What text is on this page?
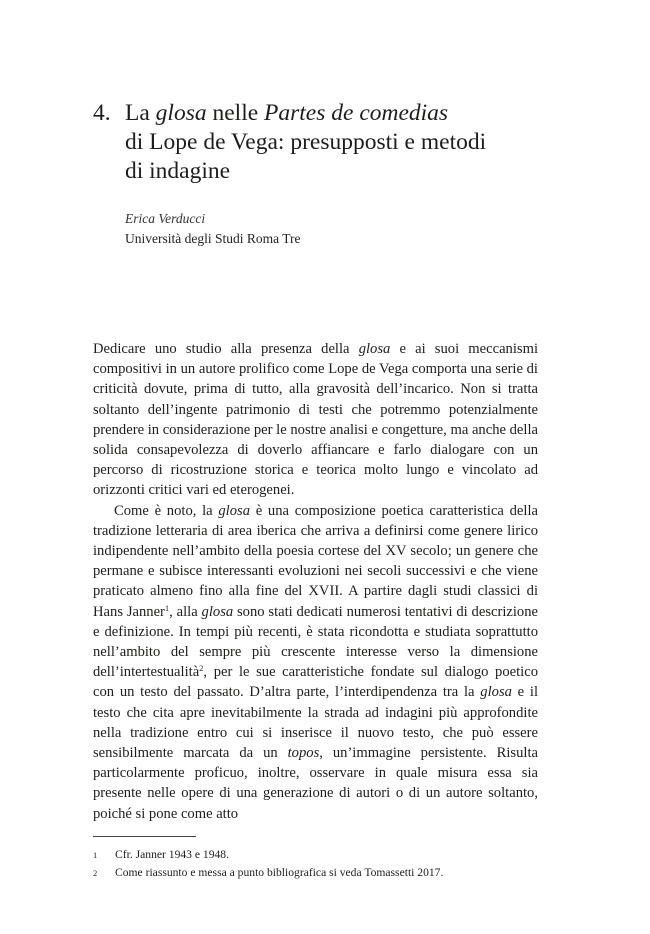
4. La glosa nelle Partes de comedias
di Lope de Vega: presupposti e metodi
di indagine
Erica Verducci
Università degli Studi Roma Tre

Dedicare uno studio alla presenza della glosa e ai suoi meccanismi compositivi in un autore prolifico come Lope de Vega comporta una serie di criticità dovute, prima di tutto, alla gravosità dell’incarico. Non si tratta soltanto dell’ingente patrimonio di testi che potremmo potenzialmente prendere in considerazione per le nostre analisi e congetture, ma anche della solida consapevolezza di doverlo affiancare e farlo dialogare con un percorso di ricostruzione storica e teorica molto lungo e vincolato ad orizzonti critici vari ed eterogenei.

Come è noto, la glosa è una composizione poetica caratteristica della tradizione letteraria di area iberica che arriva a definirsi come genere lirico indipendente nell’ambito della poesia cortese del XV secolo; un genere che permane e subisce interessanti evoluzioni nei secoli successivi e che viene praticato almeno fino alla fine del XVII. A partire dagli studi classici di Hans Janner$^1$, alla glosa sono stati dedicati numerosi tentativi di descrizione e definizione. In tempi più recenti, è stata ricondotta e studiata soprattutto nell’ambito del sempre più crescente interesse verso la dimensione dell’intertestualità$^2$, per le sue caratteristiche fondate sul dialogo poetico con un testo del passato. D’altra parte, l’interdipendenza tra la glosa e il testo che cita apre inevitabilmente la strada ad indagini più approfondite nella tradizione entro cui si inserisce il nuovo testo, che può essere sensibilmente marcata da un topos, un’immagine persistente. Risulta particolarmente proficuo, inoltre, osservare in quale misura essa sia presente nelle opere di una generazione di autori o di un autore soltanto, poiché si pone come atto

1 Cfr. Janner 1943 e 1948.
2 Come riassunto e messa a punto bibliografica si veda Tomassetti 2017.
